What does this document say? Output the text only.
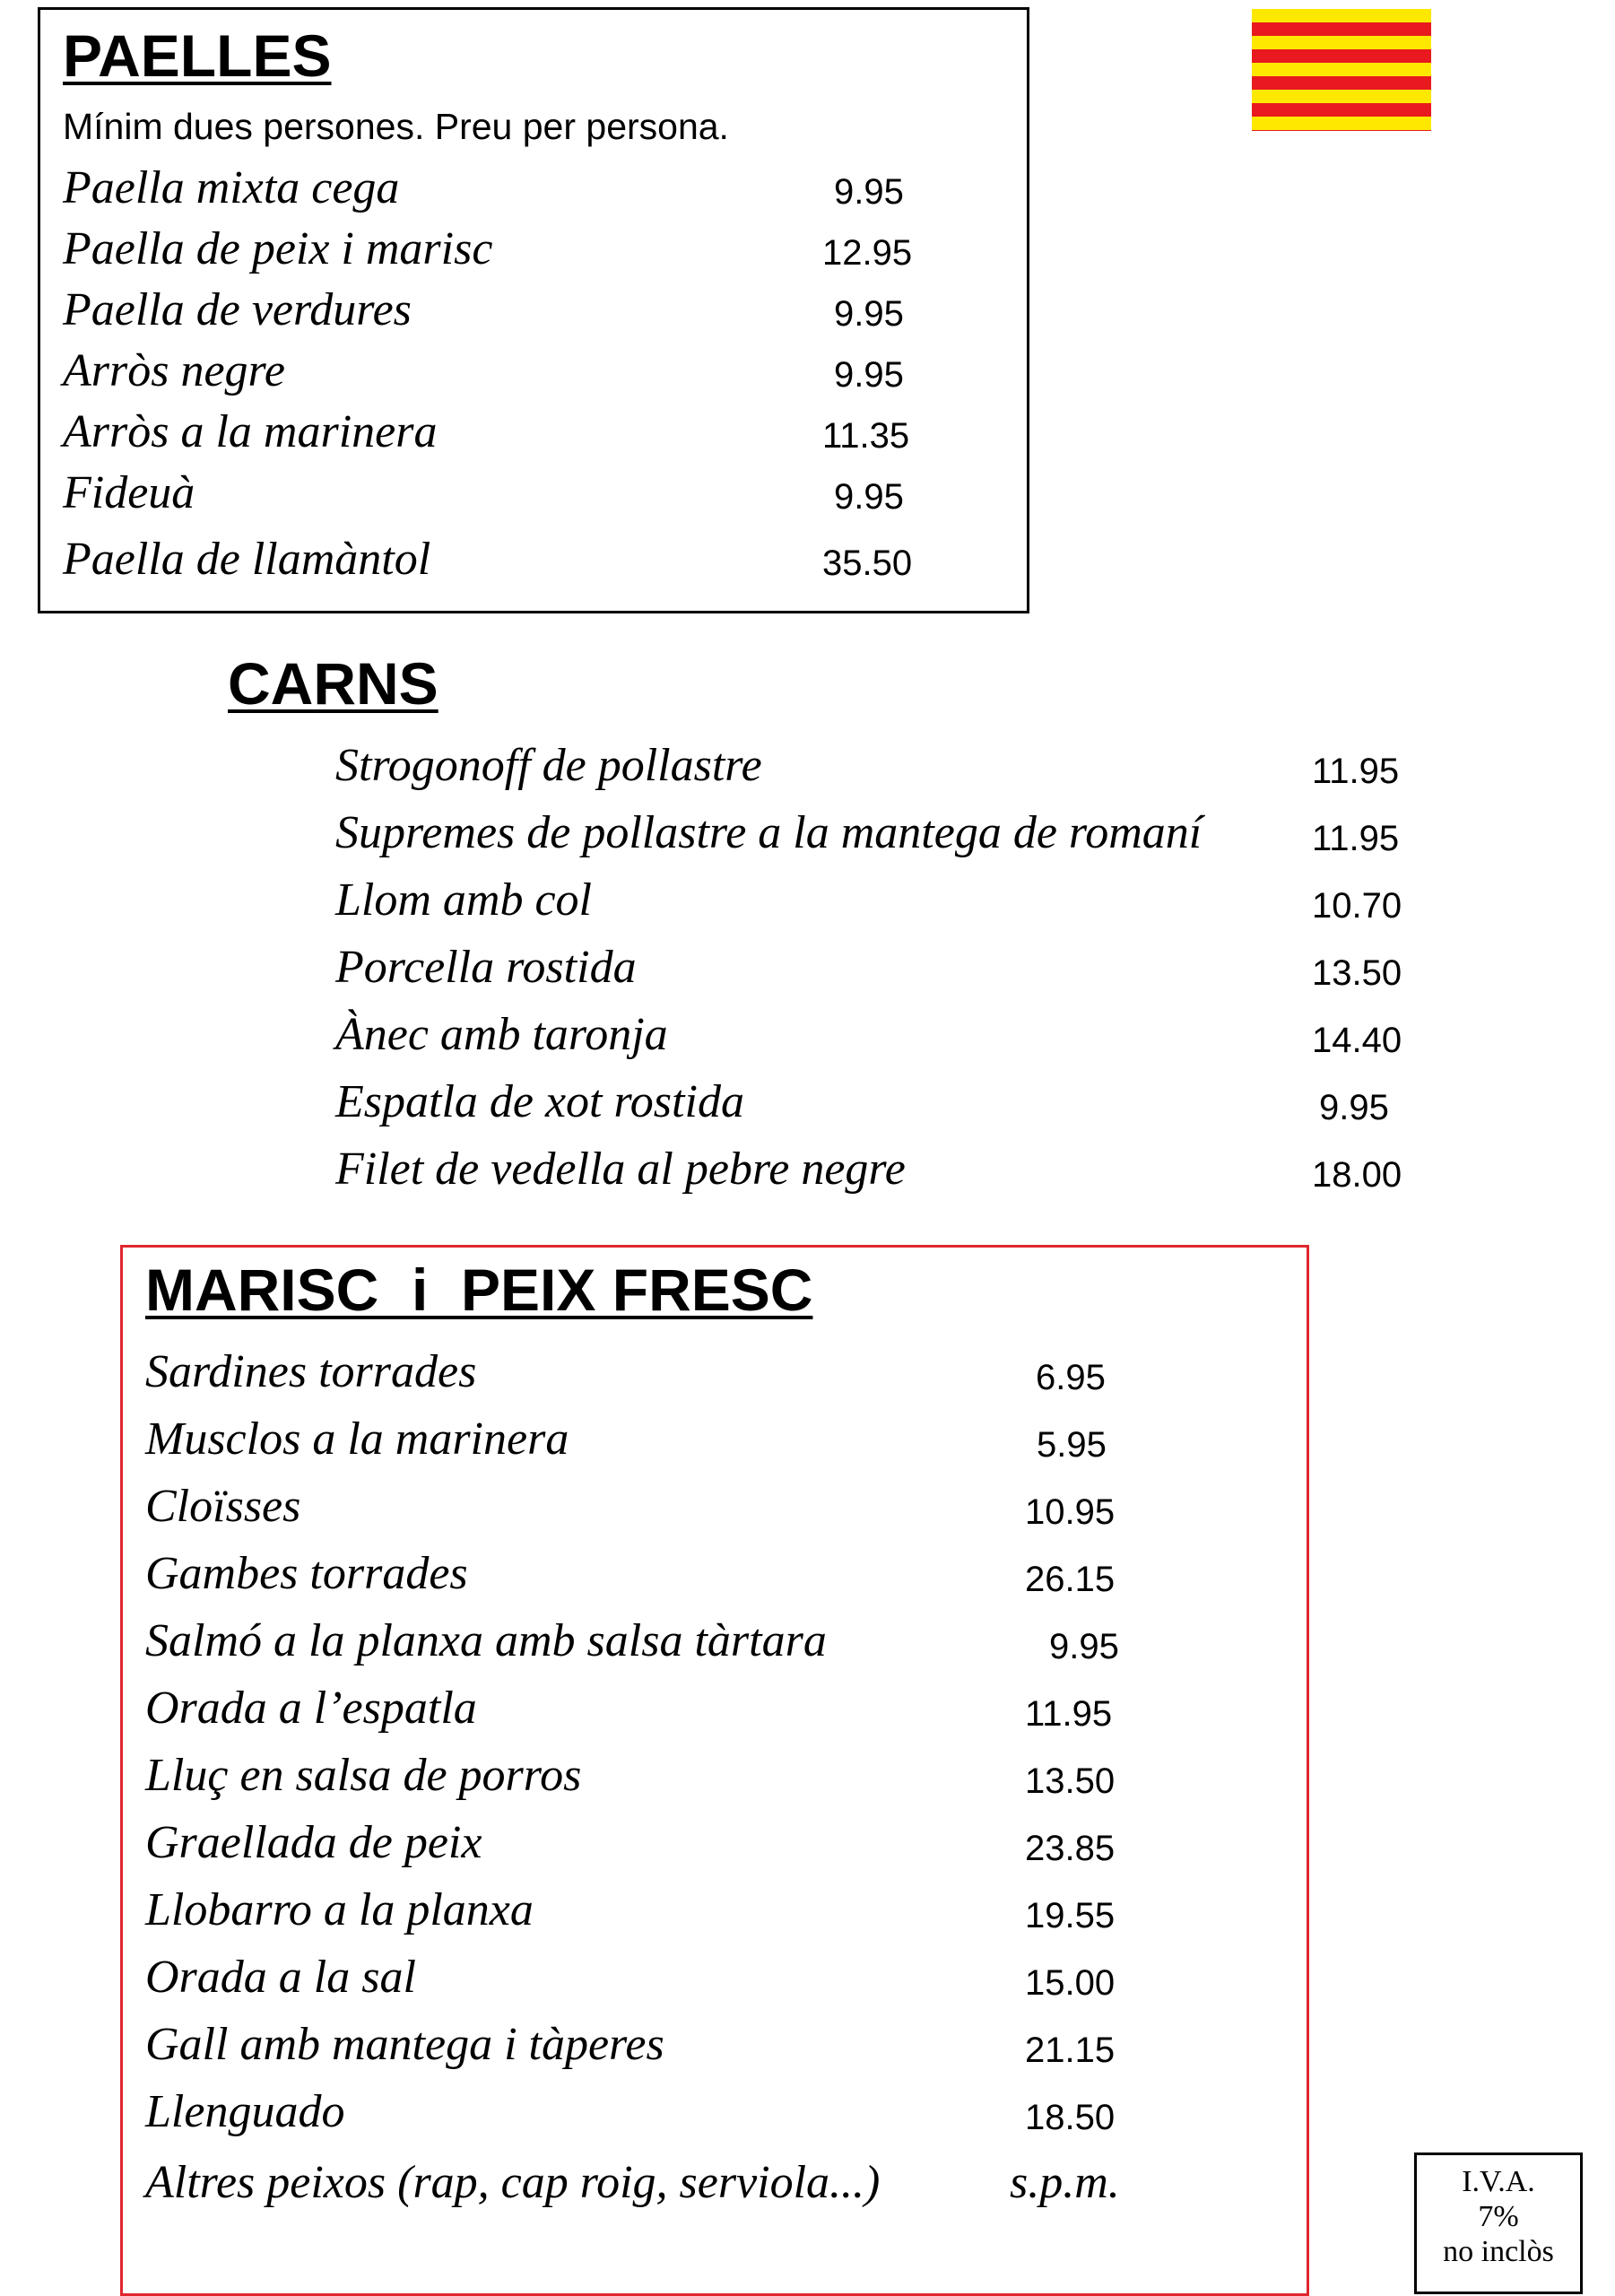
PAELLES
Mínim dues persones. Preu per persona.
Paella mixta cega	9.95
Paella de peix i marisc	12.95
Paella de verdures	9.95
Arròs negre	9.95
Arròs a la marinera	11.35
Fideuà	9.95
Paella de llamàntol	35.50
CARNS
Strogonoff de pollastre	11.95
Supremes de pollastre a la mantega de romaní	11.95
Llom amb col	10.70
Porcella rostida	13.50
Ànec amb taronja	14.40
Espatla de xot rostida	9.95
Filet de vedella al pebre negre	18.00
MARISC  i  PEIX FRESC
Sardines torrades	6.95
Musclos a la marinera	5.95
Cloïsses	10.95
Gambes torrades	26.15
Salmó a la planxa amb salsa tàrtara	9.95
Orada a l’espatla	11.95
Lluç en salsa de porros	13.50
Graellada de peix	23.85
Llobarro a la planxa	19.55
Orada a la sal	15.00
Gall amb mantega i tàperes	21.15
Llenguado	18.50
Altres peixos (rap, cap roig, serviola...)	s.p.m.	I.V.A.
7%
no inclòs
